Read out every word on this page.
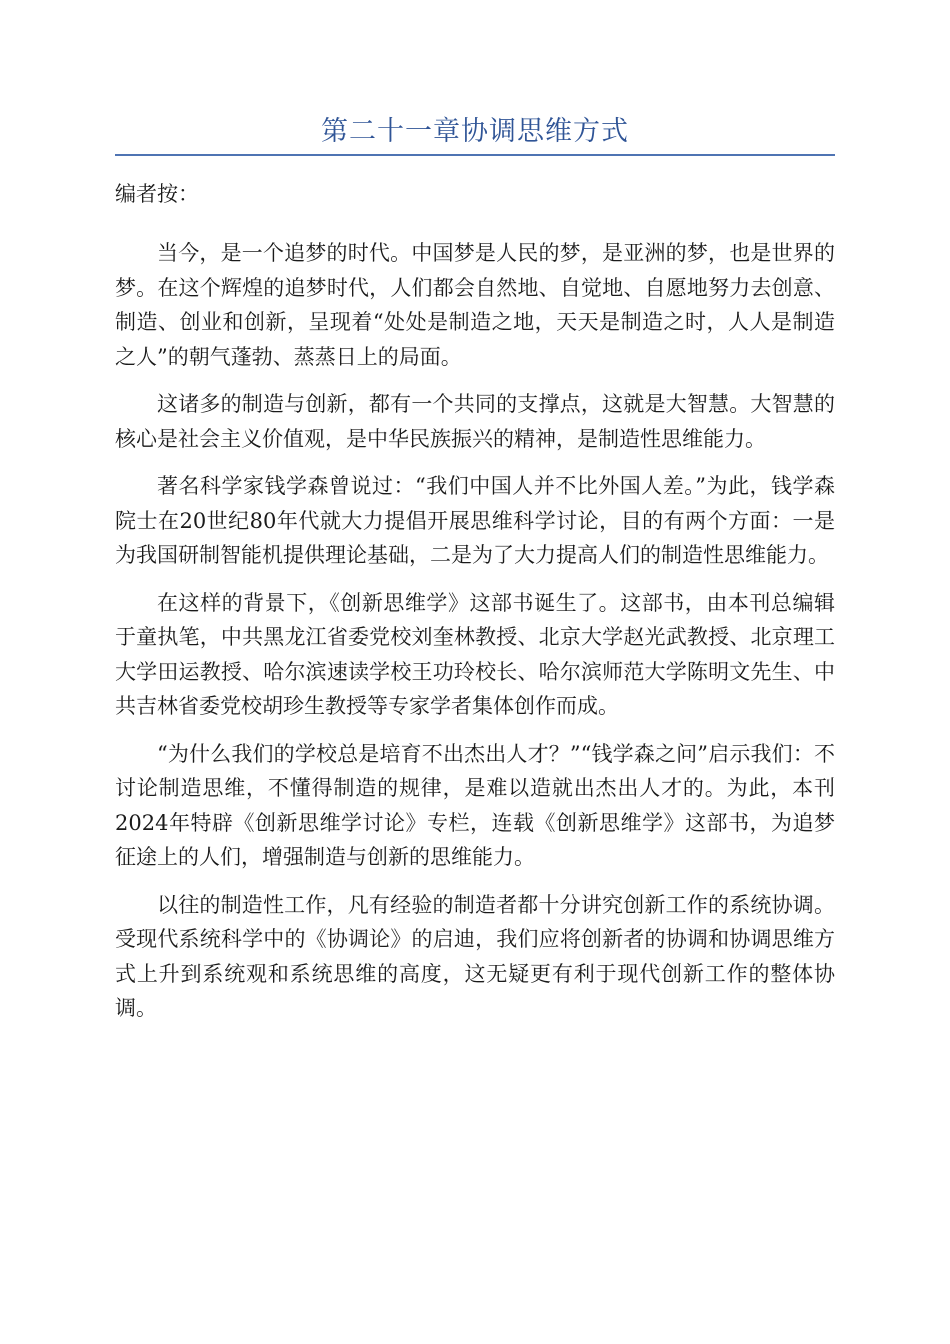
第二十一章协调思维方式

编者按：

当今，是一个追梦的时代。中国梦是人民的梦，是亚洲的梦，也是世界的梦。在这个辉煌的追梦时代，人们都会自然地、自觉地、自愿地努力去创意、制造、创业和创新，呈现着“处处是制造之地，天天是制造之时，人人是制造之人”的朝气蓬勃、蒸蒸日上的局面。

这诸多的制造与创新，都有一个共同的支撑点，这就是大智慧。大智慧的核心是社会主义价值观，是中华民族振兴的精神，是制造性思维能力。

著名科学家钱学森曾说过：“我们中国人并不比外国人差。”为此，钱学森院士在20世纪80年代就大力提倡开展思维科学讨论，目的有两个方面：一是为我国研制智能机提供理论基础，二是为了大力提高人们的制造性思维能力。

在这样的背景下，《创新思维学》这部书诞生了。这部书，由本刊总编辑于童执笔，中共黑龙江省委党校刘奎林教授、北京大学赵光武教授、北京理工大学田运教授、哈尔滨速读学校王功玲校长、哈尔滨师范大学陈明文先生、中共吉林省委党校胡珍生教授等专家学者集体创作而成。

“为什么我们的学校总是培育不出杰出人才？”“钱学森之问”启示我们：不讨论制造思维，不懂得制造的规律，是难以造就出杰出人才的。为此，本刊2024年特辟《创新思维学讨论》专栏，连载《创新思维学》这部书，为追梦征途上的人们，增强制造与创新的思维能力。

以往的制造性工作，凡有经验的制造者都十分讲究创新工作的系统协调。受现代系统科学中的《协调论》的启迪，我们应将创新者的协调和协调思维方式上升到系统观和系统思维的高度，这无疑更有利于现代创新工作的整体协调。
